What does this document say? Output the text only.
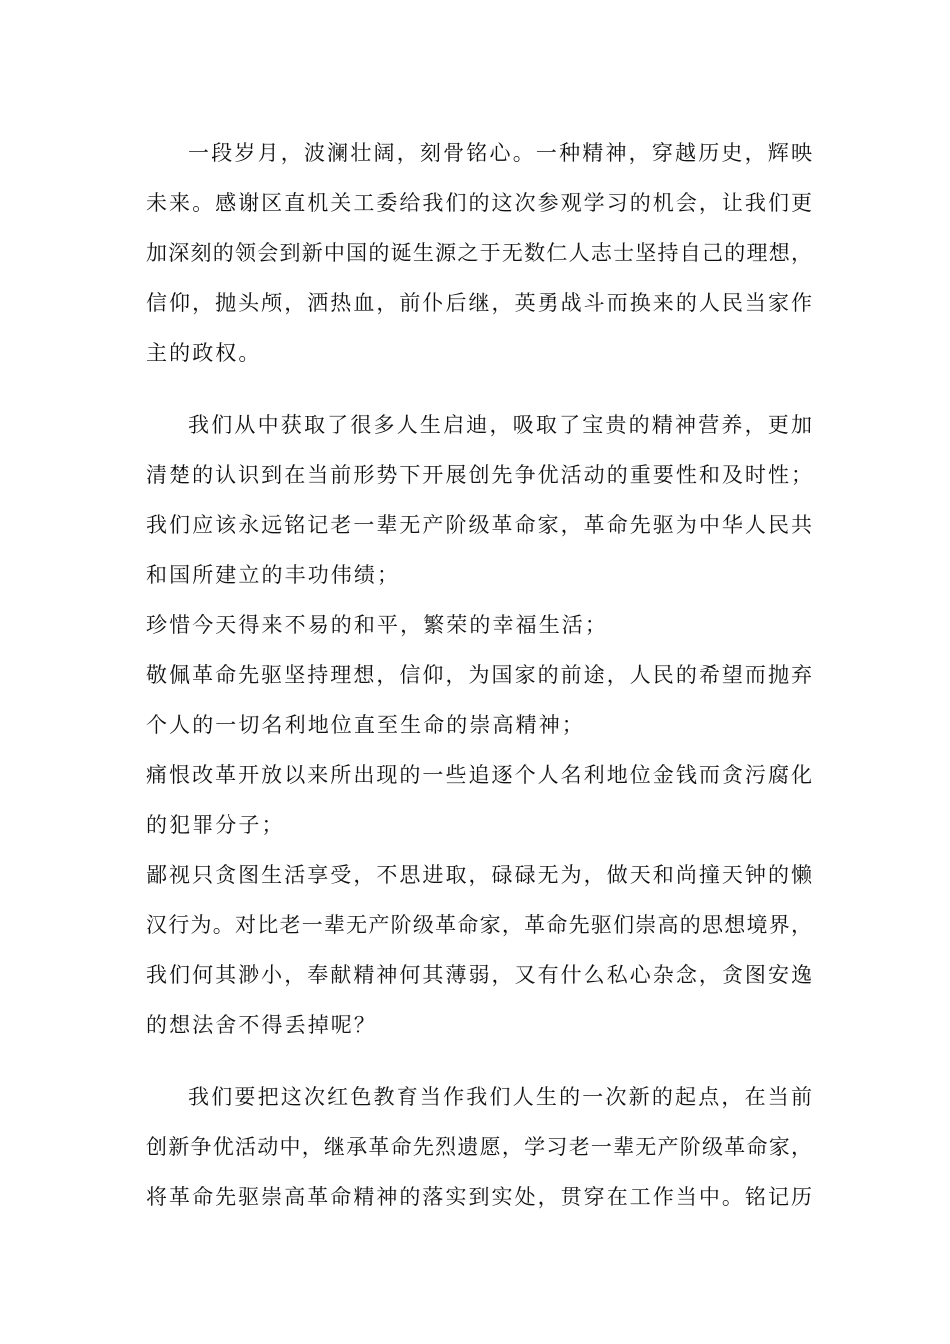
一段岁月，波澜壮阔，刻骨铭心。一种精神，穿越历史，辉映
未来。感谢区直机关工委给我们的这次参观学习的机会，让我们更
加深刻的领会到新中国的诞生源之于无数仁人志士坚持自己的理想，
信仰，抛头颅，洒热血，前仆后继，英勇战斗而换来的人民当家作
主的政权。
我们从中获取了很多人生启迪，吸取了宝贵的精神营养，更加
清楚的认识到在当前形势下开展创先争优活动的重要性和及时性；
我们应该永远铭记老一辈无产阶级革命家，革命先驱为中华人民共
和国所建立的丰功伟绩；
珍惜今天得来不易的和平，繁荣的幸福生活；
敬佩革命先驱坚持理想，信仰，为国家的前途，人民的希望而抛弃
个人的一切名利地位直至生命的崇高精神；
痛恨改革开放以来所出现的一些追逐个人名利地位金钱而贪污腐化
的犯罪分子；
鄙视只贪图生活享受，不思进取，碌碌无为，做天和尚撞天钟的懒
汉行为。对比老一辈无产阶级革命家，革命先驱们崇高的思想境界，
我们何其渺小，奉献精神何其薄弱，又有什么私心杂念，贪图安逸
的想法舍不得丢掉呢？
我们要把这次红色教育当作我们人生的一次新的起点，在当前
创新争优活动中，继承革命先烈遗愿，学习老一辈无产阶级革命家，
将革命先驱崇高革命精神的落实到实处，贯穿在工作当中。铭记历
